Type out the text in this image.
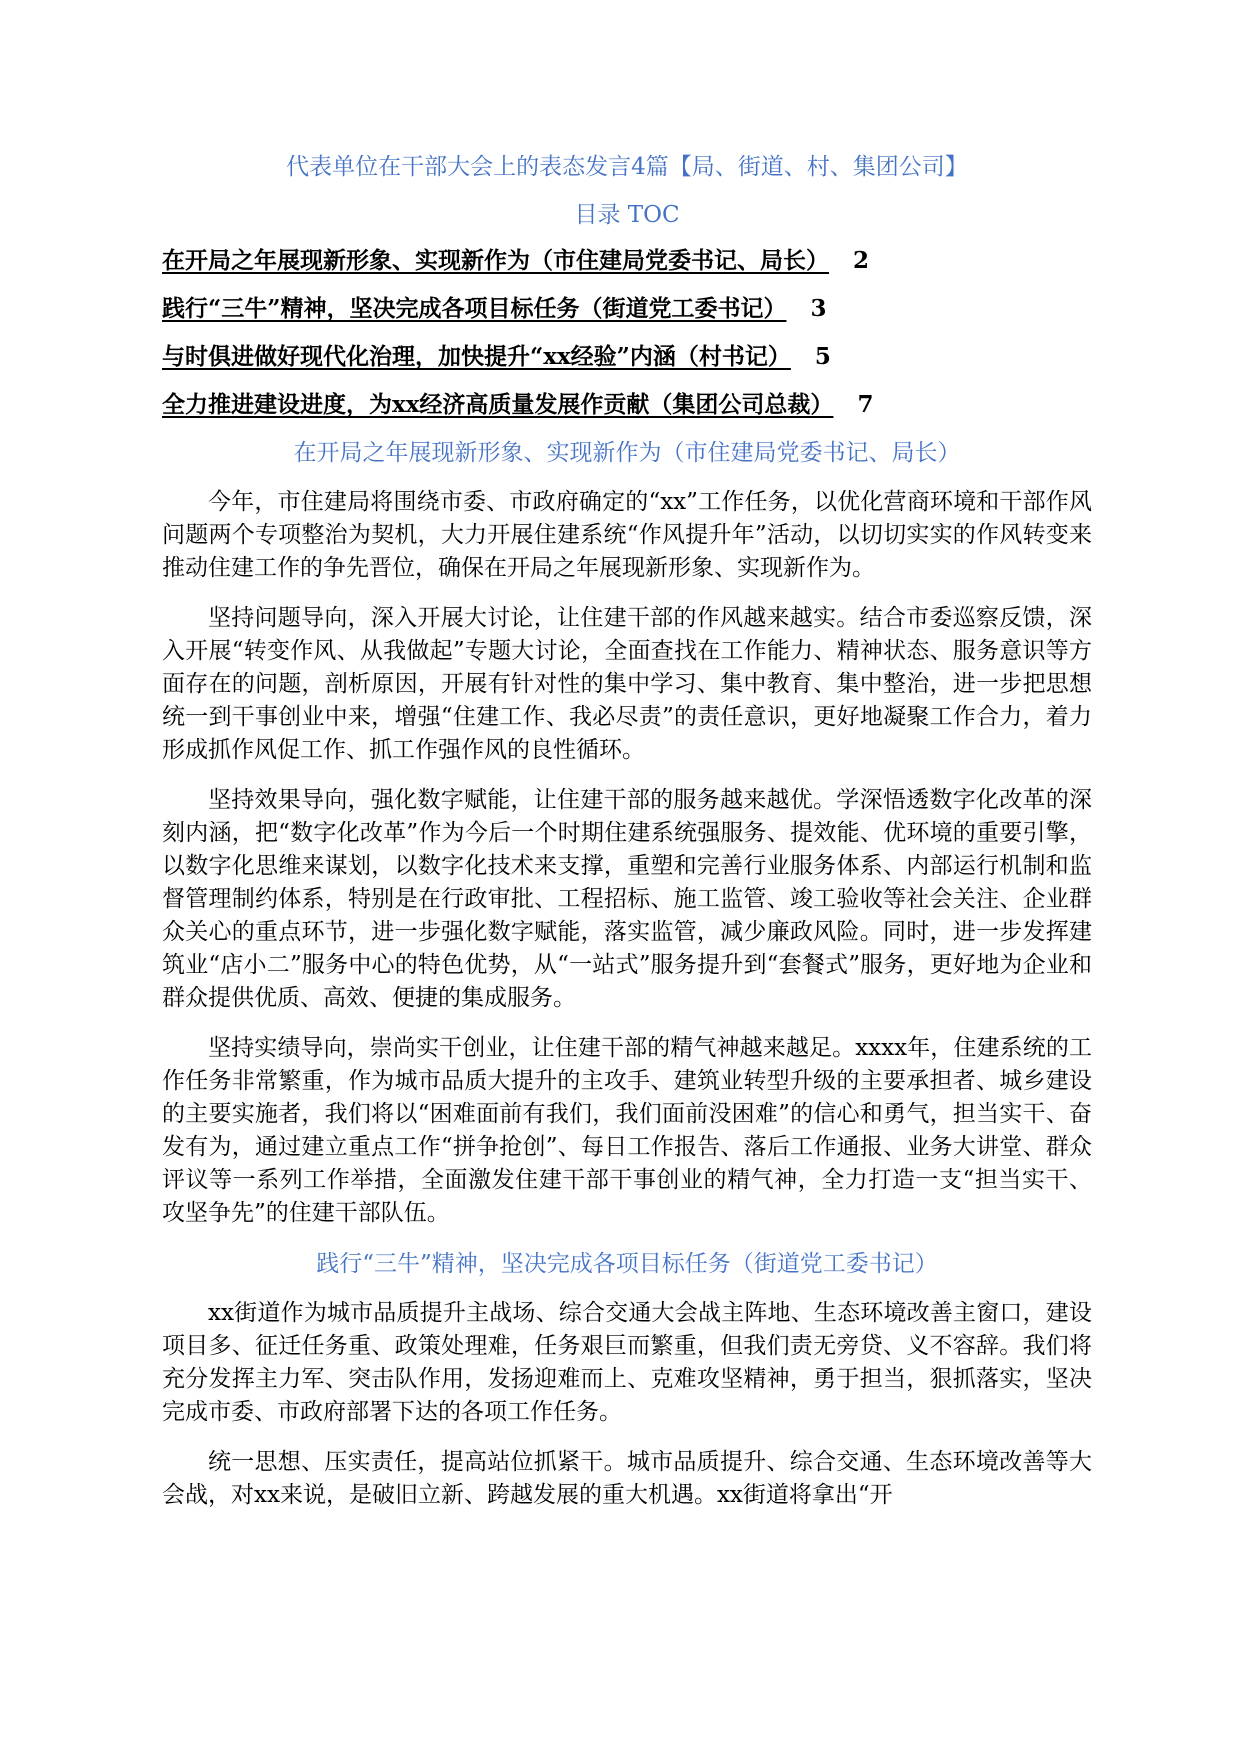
代表单位在干部大会上的表态发言4篇【局、街道、村、集团公司】
目录 TOC
在开局之年展现新形象、实现新作为（市住建局党委书记、局长） 2
践行“三牛”精神，坚决完成各项目标任务（街道党工委书记） 3
与时俱进做好现代化治理，加快提升“xx经验”内涵（村书记） 5
全力推进建设进度，为xx经济高质量发展作贡献（集团公司总裁） 7
在开局之年展现新形象、实现新作为（市住建局党委书记、局长）

今年，市住建局将围绕市委、市政府确定的“xx”工作任务，以优化营商环境和干部作风问题两个专项整治为契机，大力开展住建系统“作风提升年”活动，以切切实实的作风转变来推动住建工作的争先晋位，确保在开局之年展现新形象、实现新作为。

坚持问题导向，深入开展大讨论，让住建干部的作风越来越实。结合市委巡察反馈，深入开展“转变作风、从我做起”专题大讨论，全面查找在工作能力、精神状态、服务意识等方面存在的问题，剖析原因，开展有针对性的集中学习、集中教育、集中整治，进一步把思想统一到干事创业中来，增强“住建工作、我必尽责”的责任意识，更好地凝聚工作合力，着力形成抓作风促工作、抓工作强作风的良性循环。

坚持效果导向，强化数字赋能，让住建干部的服务越来越优。学深悟透数字化改革的深刻内涵，把“数字化改革”作为今后一个时期住建系统强服务、提效能、优环境的重要引擎，以数字化思维来谋划，以数字化技术来支撑，重塑和完善行业服务体系、内部运行机制和监督管理制约体系，特别是在行政审批、工程招标、施工监管、竣工验收等社会关注、企业群众关心的重点环节，进一步强化数字赋能，落实监管，减少廉政风险。同时，进一步发挥建筑业“店小二”服务中心的特色优势，从“一站式”服务提升到“套餐式”服务，更好地为企业和群众提供优质、高效、便捷的集成服务。

坚持实绩导向，崇尚实干创业，让住建干部的精气神越来越足。xxxx年，住建系统的工作任务非常繁重，作为城市品质大提升的主攻手、建筑业转型升级的主要承担者、城乡建设的主要实施者，我们将以“困难面前有我们，我们面前没困难”的信心和勇气，担当实干、奋发有为，通过建立重点工作“拼争抢创”、每日工作报告、落后工作通报、业务大讲堂、群众评议等一系列工作举措，全面激发住建干部干事创业的精气神，全力打造一支“担当实干、攻坚争先”的住建干部队伍。

践行“三牛”精神，坚决完成各项目标任务（街道党工委书记）

xx街道作为城市品质提升主战场、综合交通大会战主阵地、生态环境改善主窗口，建设项目多、征迁任务重、政策处理难，任务艰巨而繁重，但我们责无旁贷、义不容辞。我们将充分发挥主力军、突击队作用，发扬迎难而上、克难攻坚精神，勇于担当，狠抓落实，坚决完成市委、市政府部署下达的各项工作任务。

统一思想、压实责任，提高站位抓紧干。城市品质提升、综合交通、生态环境改善等大会战，对xx来说，是破旧立新、跨越发展的重大机遇。xx街道将拿出“开
